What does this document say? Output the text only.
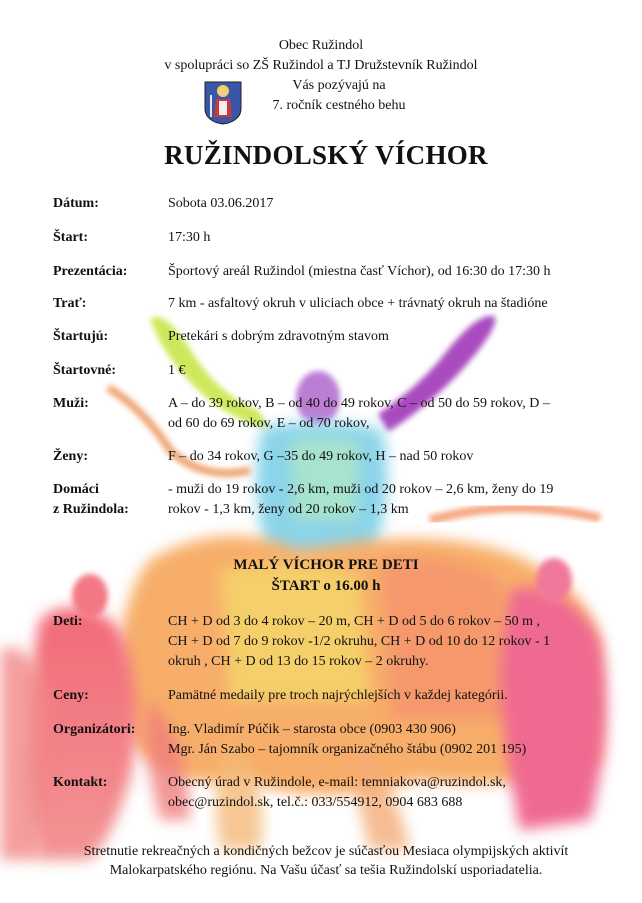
Obec Ružindol
v spolupráci so ZŠ Ružindol a TJ Družstevník Ružindol
Vás pozývajú na
7. ročník cestného behu
RUŽINDOLSKÝ VÍCHOR
Dátum:	Sobota 03.06.2017
Štart:	17:30 h
Prezentácia:	Športový areál Ružindol (miestna časť Víchor), od 16:30 do 17:30 h
Trať:	7 km - asfaltový okruh v uliciach obce + trávnatý okruh na štadióne
Štartujú:	Pretekári s dobrým zdravotným stavom
Štartovné:	1 €
Muži:	A – do 39 rokov, B – od 40 do 49 rokov, C – od 50 do 59 rokov, D –
od 60 do 69 rokov, E – od 70 rokov,
Ženy:	F – do 34 rokov, G –35 do 49 rokov, H – nad 50 rokov
Domáci
z Ružindola:
- muži do 19 rokov - 2,6 km, muži od 20 rokov – 2,6 km, ženy do 19
rokov - 1,3 km, ženy od 20 rokov – 1,3 km
MALÝ VÍCHOR PRE DETI
ŠTART o 16.00 h
Deti:	CH + D od 3 do 4 rokov – 20 m, CH + D od 5 do 6 rokov – 50 m ,
CH + D od 7 do 9 rokov -1/2 okruhu, CH + D od 10 do 12 rokov - 1
okruh , CH + D od 13 do 15 rokov – 2 okruhy.
Ceny:	Pamätné medaily pre troch najrýchlejších v každej kategórii.
Organizátori: Ing. Vladimír Púčik – starosta obce (0903 430 906)
Mgr. Ján Szabo – tajomník organizačného štábu (0902 201 195)
Kontakt:	Obecný úrad v Ružindole, e-mail: temniakova@ruzindol.sk,
obec@ruzindol.sk, tel.č.: 033/554912, 0904 683 688
Stretnutie rekreačných a kondičných bežcov je súčasťou Mesiaca olympijských aktivít
Malokarpatského regiónu. Na Vašu účasť sa tešia Ružindolskí usporiadatelia.
